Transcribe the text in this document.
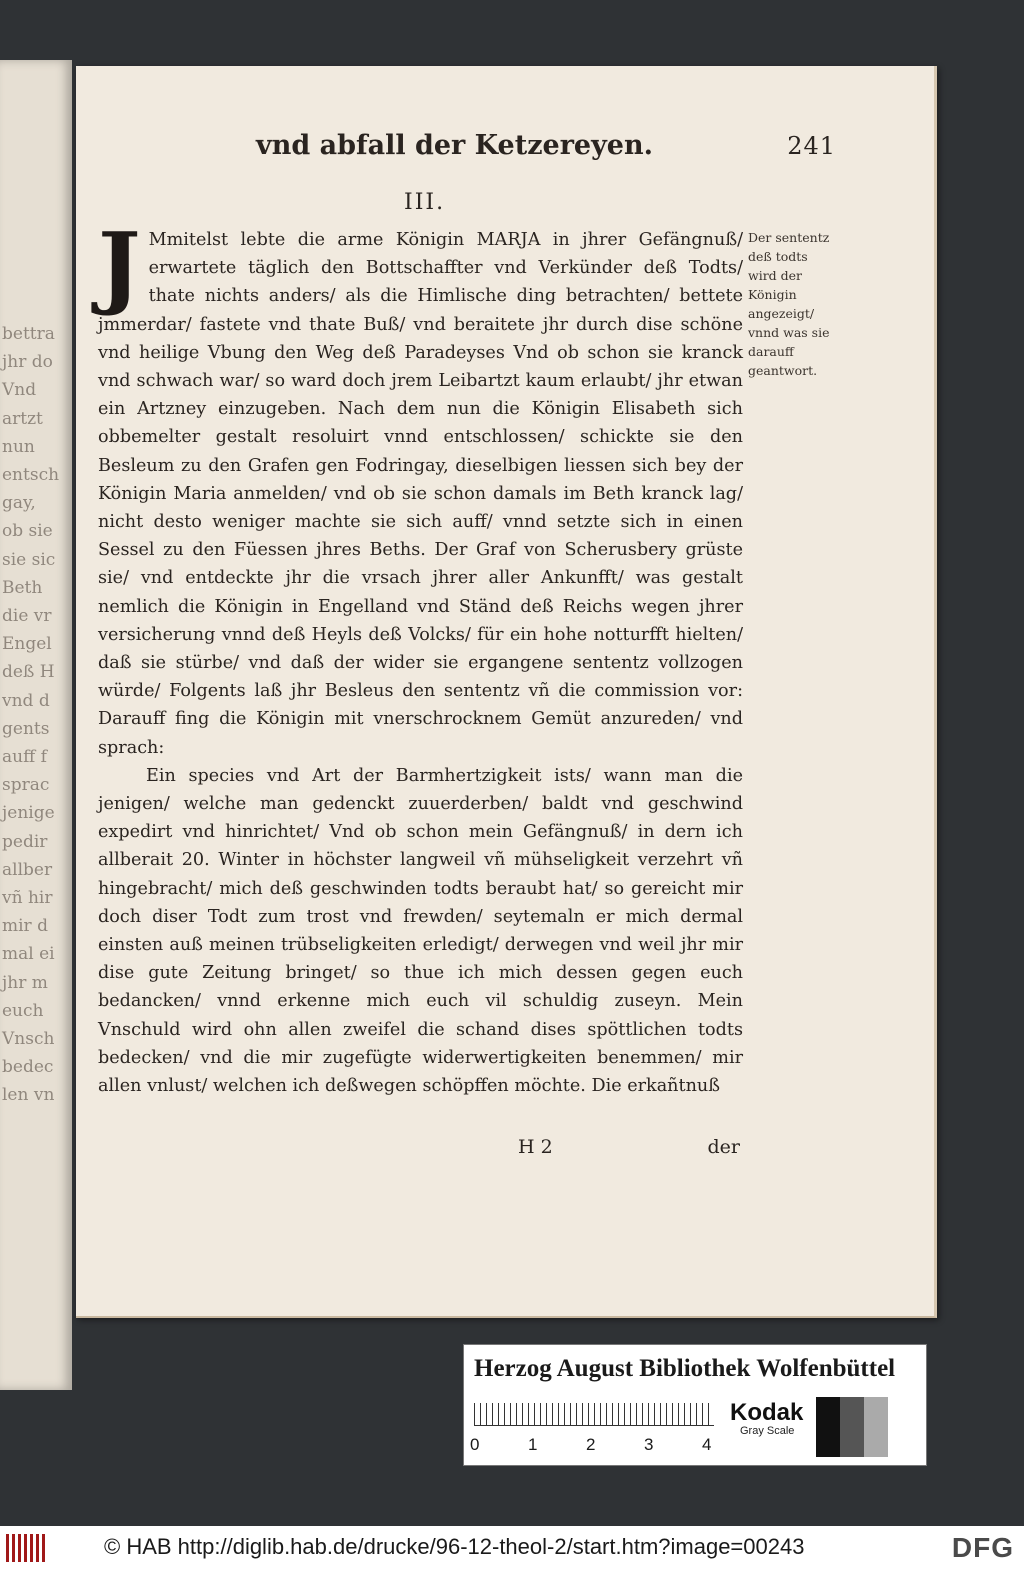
bettra
jhr do
Vnd
artzt
nun
entsch
gay,
ob sie
sie sic
Beth
die vr
Engel
deß H
vnd d
gents
auff f
sprac
jenige
pedir
allber
vñ hir
mir d
mal ei
jhr m
euch
Vnsch
bedec
len vn
vnd abfall der Ketzereyen.	241
III.

J Mmitelst lebte die arme Königin MARJA in jhrer Gefängnuß/ erwartete täglich den Bottschaffter vnd Verkünder deß Todts/ thate nichts anders/ als die Himlische ding betrachten/ bettete jmmerdar/ fastete vnd thate Buß/ vnd beraitete jhr durch dise schöne vnd heilige Vbung den Weg deß Paradeyses Vnd ob schon sie kranck vnd schwach war/ so ward doch jrem Leibartzt kaum erlaubt/ jhr etwan ein Artzney einzugeben. Nach dem nun die Königin Elisabeth sich obbemelter gestalt resoluirt vnnd entschlossen/ schickte sie den Besleum zu den Grafen gen Fodringay, dieselbigen liessen sich bey der Königin Maria anmelden/ vnd ob sie schon damals im Beth kranck lag/ nicht desto weniger machte sie sich auff/ vnnd setzte sich in einen Sessel zu den Füessen jhres Beths. Der Graf von Scherusbery grüste sie/ vnd entdeckte jhr die vrsach jhrer aller Ankunfft/ was gestalt nemlich die Königin in Engelland vnd Ständ deß Reichs wegen jhrer versicherung vnnd deß Heyls deß Volcks/ für ein hohe notturfft hielten/ daß sie stürbe/ vnd daß der wider sie ergangene sententz vollzogen würde/ Folgents laß jhr Besleus den sententz vñ die commission vor: Darauff fing die Königin mit vnerschrocknem Gemüt anzureden/ vnd sprach:

Ein species vnd Art der Barmhertzigkeit ists/ wann man die jenigen/ welche man gedenckt zuuerderben/ baldt vnd geschwind expedirt vnd hinrichtet/ Vnd ob schon mein Gefängnuß/ in dern ich allberait 20. Winter in höchster langweil vñ mühseligkeit verzehrt vñ hingebracht/ mich deß geschwinden todts beraubt hat/ so gereicht mir doch diser Todt zum trost vnd frewden/ seytemaln er mich dermal einsten auß meinen trübseligkeiten erledigt/ derwegen vnd weil jhr mir dise gute Zeitung bringet/ so thue ich mich dessen gegen euch bedancken/ vnnd erkenne mich euch vil schuldig zuseyn. Mein Vnschuld wird ohn allen zweifel die schand dises spöttlichen todts bedecken/ vnd die mir zugefügte widerwertigkeiten benemmen/ mir allen vnlust/ welchen ich deßwegen schöpffen möchte. Die erkañtnuß

Der sententz deß todts wird der Königin angezeigt/ vnnd was sie darauff geantwort.
H 2	der
Herzog August Bibliothek Wolfenbüttel
0	1	2	3	4
Kodak
Gray Scale
© HAB http://diglib.hab.de/drucke/96-12-theol-2/start.htm?image=00243	DFG
